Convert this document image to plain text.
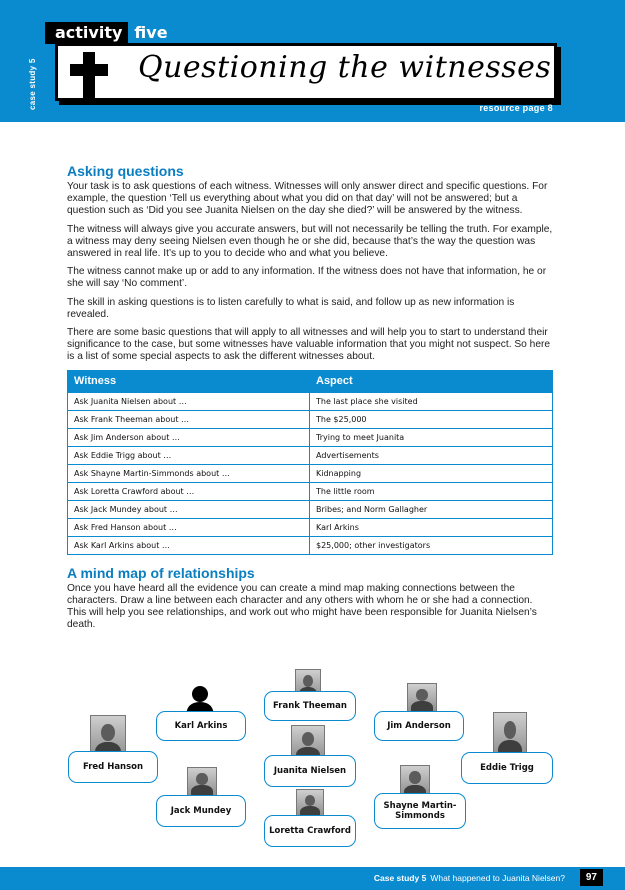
activity five
case study 5	Questioning the witnesses
resource page 8
Asking questions

Your task is to ask questions of each witness. Witnesses will only answer direct and specific questions. For example, the question ‘Tell us everything about what you did on that day’ will not be answered; but a question such as ‘Did you see Juanita Nielsen on the day she died?’ will be answered by the witness.

The witness will always give you accurate answers, but will not necessarily be telling the truth. For example, a witness may deny seeing Nielsen even though he or she did, because that’s the way the question was answered in real life. It’s up to you to decide who and what you believe.

The witness cannot make up or add to any information. If the witness does not have that information, he or she will say ‘No comment’.

The skill in asking questions is to listen carefully to what is said, and follow up as new information is revealed.

There are some basic questions that will apply to all witnesses and will help you to start to understand their significance to the case, but some witnesses have valuable information that you might not suspect. So here is a list of some special aspects to ask the different witnesses about.

Witness	Aspect
Ask Juanita Nielsen about …	The last place she visited
Ask Frank Theeman about …	The $25,000
Ask Jim Anderson about …	Trying to meet Juanita
Ask Eddie Trigg about …	Advertisements
Ask Shayne Martin-Simmonds about …	Kidnapping
Ask Loretta Crawford about …	The little room
Ask Jack Mundey about …	Bribes; and Norm Gallagher
Ask Fred Hanson about …	Karl Arkins
Ask Karl Arkins about …	$25,000; other investigators
A mind map of relationships

Once you have heard all the evidence you can create a mind map making connections between the characters. Draw a line between each character and any others with whom he or she had a connection. This will help you see relationships, and work out who might have been responsible for Juanita Nielsen’s death.

Karl Arkins
Frank Theeman
Jim Anderson
Fred Hanson	Juanita Nielsen	Eddie Trigg
Jack Mundey	Shayne Martin-Simmonds
Loretta Crawford
Case study 5 What happened to Juanita Nielsen?	97
